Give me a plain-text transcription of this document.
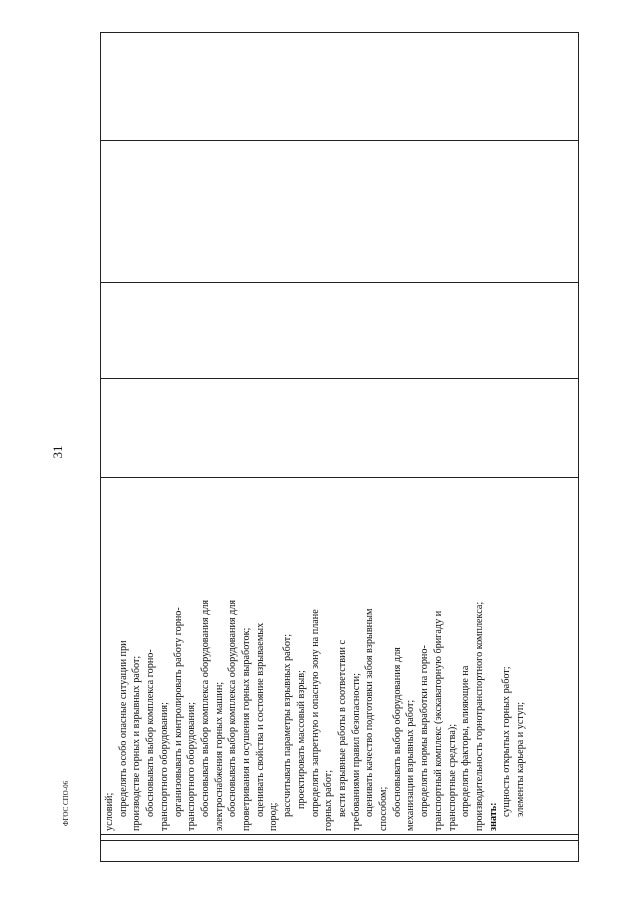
31

условий; определять особо опасные ситуации при производстве горных и взрывных работ; обосновывать выбор комплекса горно- транспортного оборудования; организовывать и контролировать работу горно- транспортного оборудования; обосновывать выбор комплекса оборудования для электроснабжения горных машин; обосновывать выбор комплекса оборудования для проветривания и осушения горных выработок; оценивать свойства и состояние взрываемых пород; рассчитывать параметры взрывных работ; проектировать массовый взрыв; определять запретную и опасную зону на плане горных работ; вести взрывные работы в соответствии с требованиями правил безопасности; оценивать качество подготовки забоя взрывным способом; обосновывать выбор оборудования для механизации взрывных работ; определять нормы выработки на горно- транспортный комплекс (экскаваторную бригаду и транспортные средства); определять факторы, влияющие на производительность горнотранспортного комплекса; знать: сущность открытых горных работ; элементы карьера и уступ;

ФГОС СПО-06
